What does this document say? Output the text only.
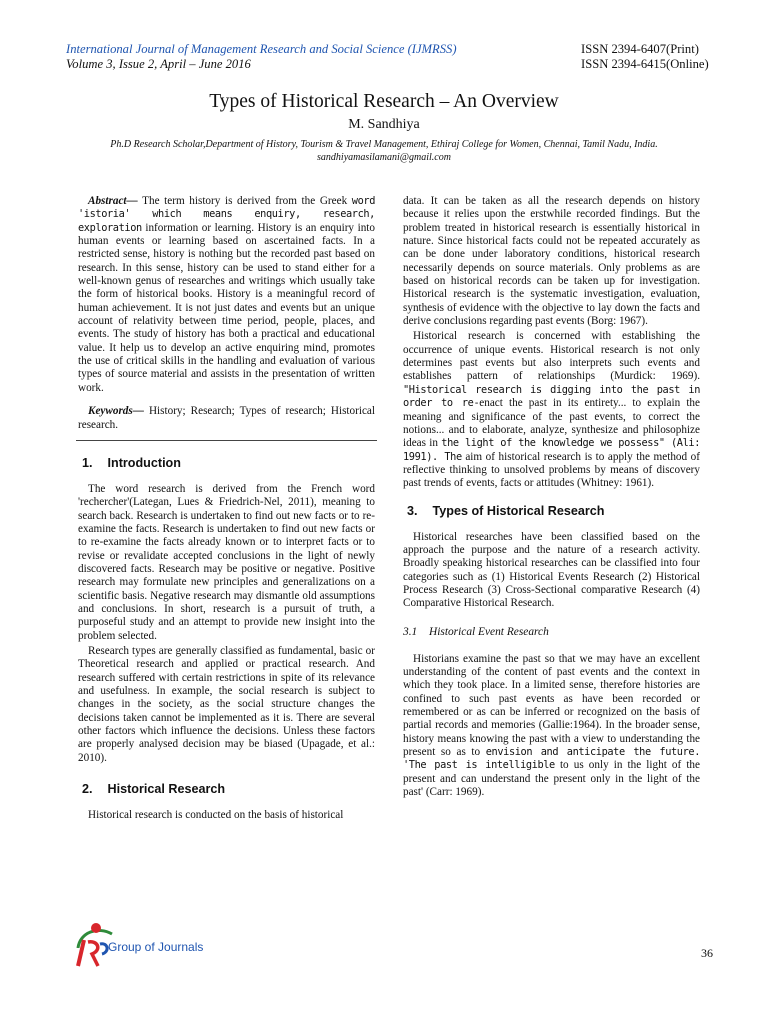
International Journal of Management Research and Social Science (IJMRSS)
Volume 3, Issue 2, April – June 2016
ISSN 2394-6407(Print)
ISSN 2394-6415(Online)
Types of Historical Research – An Overview
M. Sandhiya
Ph.D Research Scholar,Department of History, Tourism & Travel Management, Ethiraj College for Women, Chennai, Tamil Nadu, India.
sandhiyamasilamani@gmail.com

Abstract— The term history is derived from the Greek word 'istoria' which means enquiry, research, exploration information or learning. History is an enquiry into human events or learning based on ascertained facts. In a restricted sense, history is nothing but the recorded past based on research. In this sense, history can be used to stand either for a well-known genus of researches and writings which usually take the form of historical books. History is a meaningful record of human achievement. It is not just dates and events but an unique account of relativity between time period, people, places, and events. The study of history has both a practical and educational value. It help us to develop an active enquiring mind, promotes the use of critical skills in the handling and evaluation of various types of source material and assists in the presentation of written work.

Keywords— History; Research; Types of research; Historical research.

1. Introduction

The word research is derived from the French word 'rechercher'(Lategan, Lues & Friedrich-Nel, 2011), meaning to search back. Research is undertaken to find out new facts or to re-examine the facts. Research is undertaken to find out new facts or to re-examine the facts already known or to interpret facts or to revise or revalidate accepted conclusions in the light of newly discovered facts. Research may be positive or negative. Positive research may formulate new principles and generalizations on a scientific basis. Negative research may dismantle old assumptions and conclusions. In short, research is a pursuit of truth, a purposeful study and an attempt to provide new insight into the problem selected.

Research types are generally classified as fundamental, basic or Theoretical research and applied or practical research. And research suffered with certain restrictions in spite of its relevance and usefulness. In example, the social research is subject to changes in the society, as the social structure changes the decisions taken cannot be implemented as it is. There are several other factors which influence the decisions. Unless these factors are properly analysed decision may be biased (Upagade, et al.: 2010).

2. Historical Research

Historical research is conducted on the basis of historical

data. It can be taken as all the research depends on history because it relies upon the erstwhile recorded findings. But the problem treated in historical research is essentially historical in nature. Since historical facts could not be repeated accurately as can be done under laboratory conditions, historical research necessarily depends on source materials. Only problems as are based on historical records can be taken up for investigation. Historical research is the systematic investigation, evaluation, synthesis of evidence with the objective to lay down the facts and derive conclusions regarding past events (Borg: 1967).

Historical research is concerned with establishing the occurrence of unique events. Historical research is not only determines past events but also interprets such events and establishes pattern of relationships (Murdick: 1969). "Historical research is digging into the past in order to re-enact the past in its entirety... to explain the meaning and significance of the past events, to correct the notions... and to elaborate, analyze, synthesize and philosophize ideas in the light of the knowledge we possess" (Ali: 1991). The aim of historical research is to apply the method of reflective thinking to unsolved problems by means of discovery past trends of events, facts or attitudes (Whitney: 1961).

3. Types of Historical Research

Historical researches have been classified based on the approach the purpose and the nature of a research activity. Broadly speaking historical researches can be classified into four categories such as (1) Historical Events Research (2) Historical Process Research (3) Cross-Sectional comparative Research (4) Comparative Historical Research.

3.1 Historical Event Research

Historians examine the past so that we may have an excellent understanding of the content of past events and the context in which they took place. In a limited sense, therefore histories are confined to such past events as have been recorded or remembered or as can be inferred or recognized on the basis of partial records and memories (Gallie:1964). In the broader sense, history means knowing the past with a view to understanding the present so as to envision and anticipate the future. 'The past is intelligible to us only in the light of the present and can understand the present only in the light of the past' (Carr: 1969).

Group of Journals	36
